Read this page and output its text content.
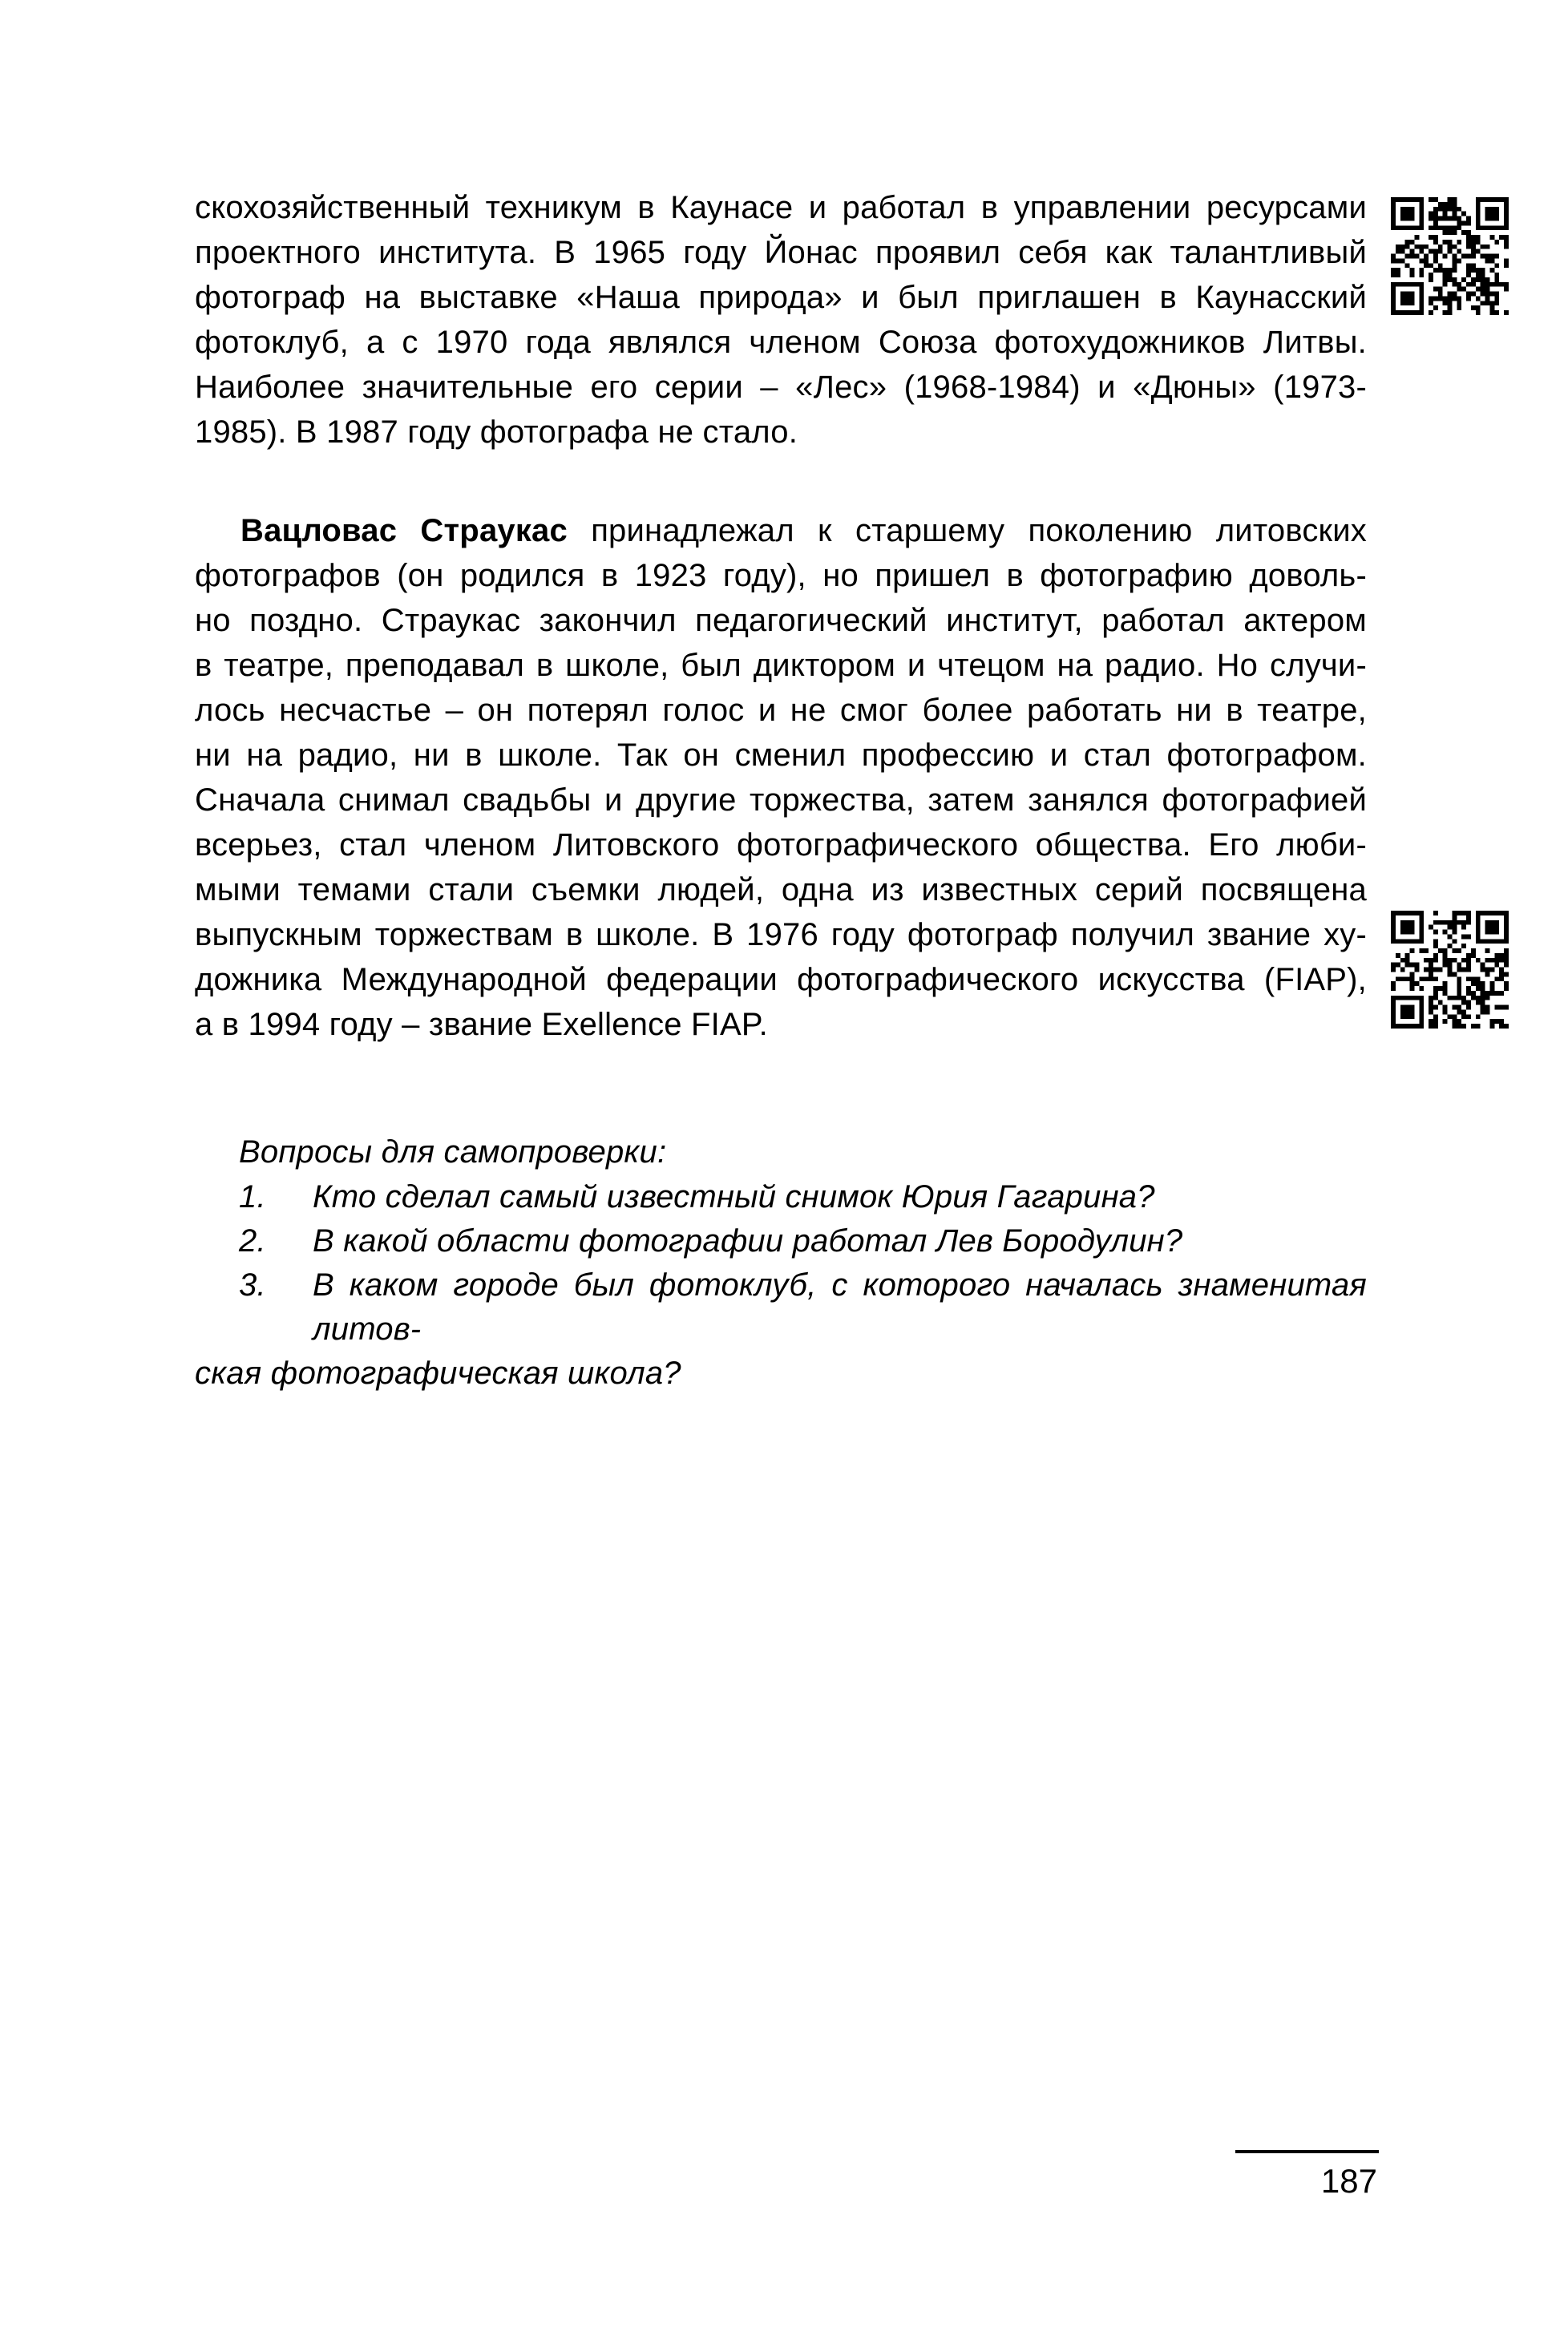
скохозяйственный техникум в Каунасе и работал в управлении ресурсами
проектного института. В 1965 году Йонас проявил себя как талантливый
фотограф на выставке «Наша природа» и был приглашен в Каунасский
фотоклуб, а с 1970 года являлся членом Союза фотохудожников Литвы.
Наиболее значительные его серии – «Лес» (1968-1984) и «Дюны» (1973-
1985). В 1987 году фотографа не стало.
Вацловас Страукас принадлежал к старшему поколению литовских
фотографов (он родился в 1923 году), но пришел в фотографию доволь-
но поздно. Страукас закончил педагогический институт, работал актером
в театре, преподавал в школе, был диктором и чтецом на радио. Но случи-
лось несчастье – он потерял голос и не смог более работать ни в театре,
ни на радио, ни в школе. Так он сменил профессию и стал фотографом.
Сначала снимал свадьбы и другие торжества, затем занялся фотографией
всерьез, стал членом Литовского фотографического общества. Его люби-
мыми темами стали съемки людей, одна из известных серий посвящена
выпускным торжествам в школе. В 1976 году фотограф получил звание ху-
дожника Международной федерации фотографического искусства (FIAP),
а в 1994 году – звание Exellence FIAP.
Вопросы для самопроверки:
1. Кто сделал самый известный снимок Юрия Гагарина?
2. В какой области фотографии работал Лев Бородулин?
3. В каком городе был фотоклуб, с которого началась знаменитая литов-
ская фотографическая школа?
187
